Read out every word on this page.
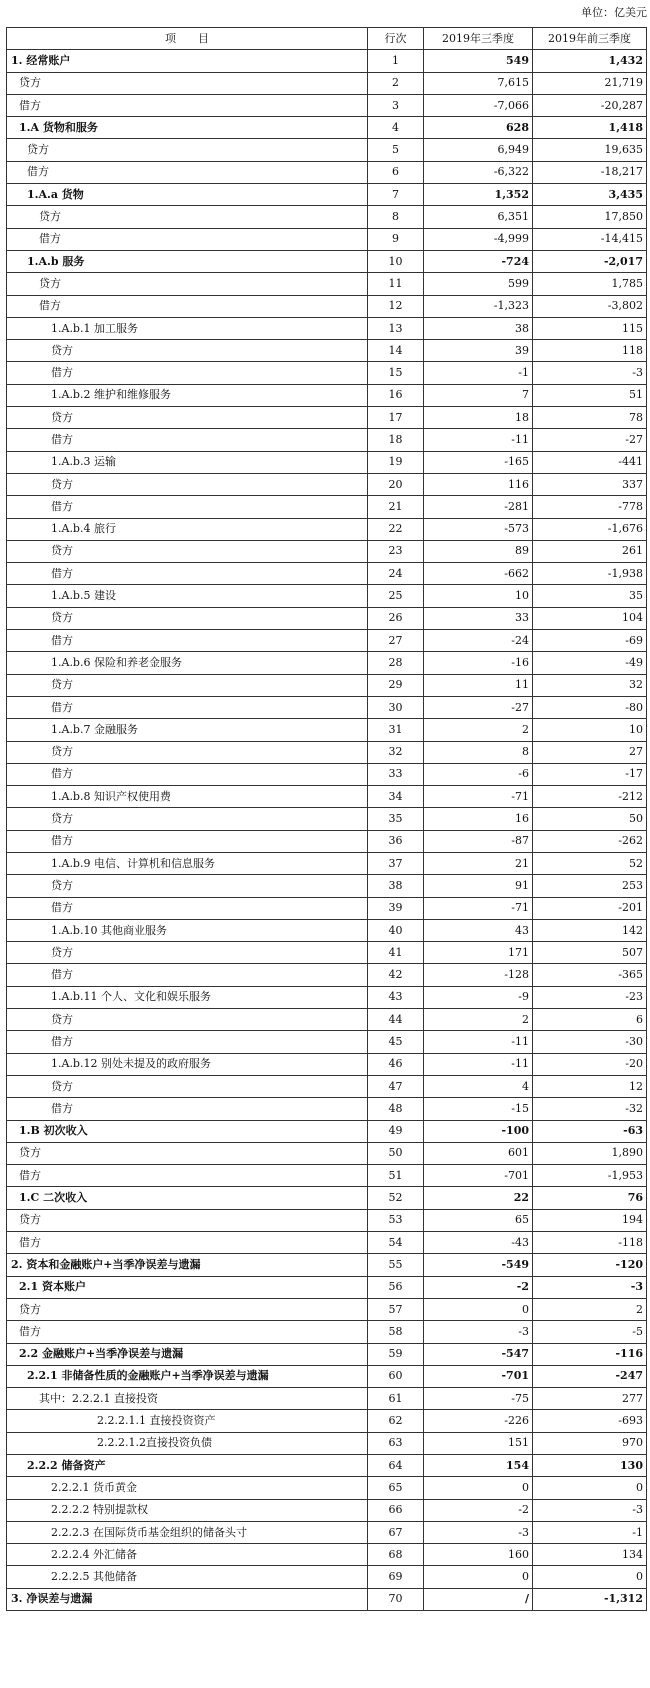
单位：亿美元
项　　目	行次	2019年三季度	2019年前三季度
1. 经常账户	1	549	1,432
贷方	2	7,615	21,719
借方	3	-7,066	-20,287
1.A 货物和服务	4	628	1,418
贷方	5	6,949	19,635
借方	6	-6,322	-18,217
1.A.a 货物	7	1,352	3,435
贷方	8	6,351	17,850
借方	9	-4,999	-14,415
1.A.b 服务	10	-724	-2,017
贷方	11	599	1,785
借方	12	-1,323	-3,802
1.A.b.1 加工服务	13	38	115
贷方	14	39	118
借方	15	-1	-3
1.A.b.2 维护和维修服务	16	7	51
贷方	17	18	78
借方	18	-11	-27
1.A.b.3 运输	19	-165	-441
贷方	20	116	337
借方	21	-281	-778
1.A.b.4 旅行	22	-573	-1,676
贷方	23	89	261
借方	24	-662	-1,938
1.A.b.5 建设	25	10	35
贷方	26	33	104
借方	27	-24	-69
1.A.b.6 保险和养老金服务	28	-16	-49
贷方	29	11	32
借方	30	-27	-80
1.A.b.7 金融服务	31	2	10
贷方	32	8	27
借方	33	-6	-17
1.A.b.8 知识产权使用费	34	-71	-212
贷方	35	16	50
借方	36	-87	-262
1.A.b.9 电信、计算机和信息服务	37	21	52
贷方	38	91	253
借方	39	-71	-201
1.A.b.10 其他商业服务	40	43	142
贷方	41	171	507
借方	42	-128	-365
1.A.b.11 个人、文化和娱乐服务	43	-9	-23
贷方	44	2	6
借方	45	-11	-30
1.A.b.12 别处未提及的政府服务	46	-11	-20
贷方	47	4	12
借方	48	-15	-32
1.B 初次收入	49	-100	-63
贷方	50	601	1,890
借方	51	-701	-1,953
1.C 二次收入	52	22	76
贷方	53	65	194
借方	54	-43	-118
2. 资本和金融账户+当季净误差与遗漏	55	-549	-120
2.1 资本账户	56	-2	-3
贷方	57	0	2
借方	58	-3	-5
2.2 金融账户+当季净误差与遗漏	59	-547	-116
2.2.1 非储备性质的金融账户+当季净误差与遗漏	60	-701	-247
其中：2.2.2.1 直接投资	61	-75	277
2.2.2.1.1 直接投资资产	62	-226	-693
2.2.2.1.2直接投资负债	63	151	970
2.2.2 储备资产	64	154	130
2.2.2.1 货币黄金	65	0	0
2.2.2.2 特别提款权	66	-2	-3
2.2.2.3 在国际货币基金组织的储备头寸	67	-3	-1
2.2.2.4 外汇储备	68	160	134
2.2.2.5 其他储备	69	0	0
3. 净误差与遗漏	70	/	-1,312
